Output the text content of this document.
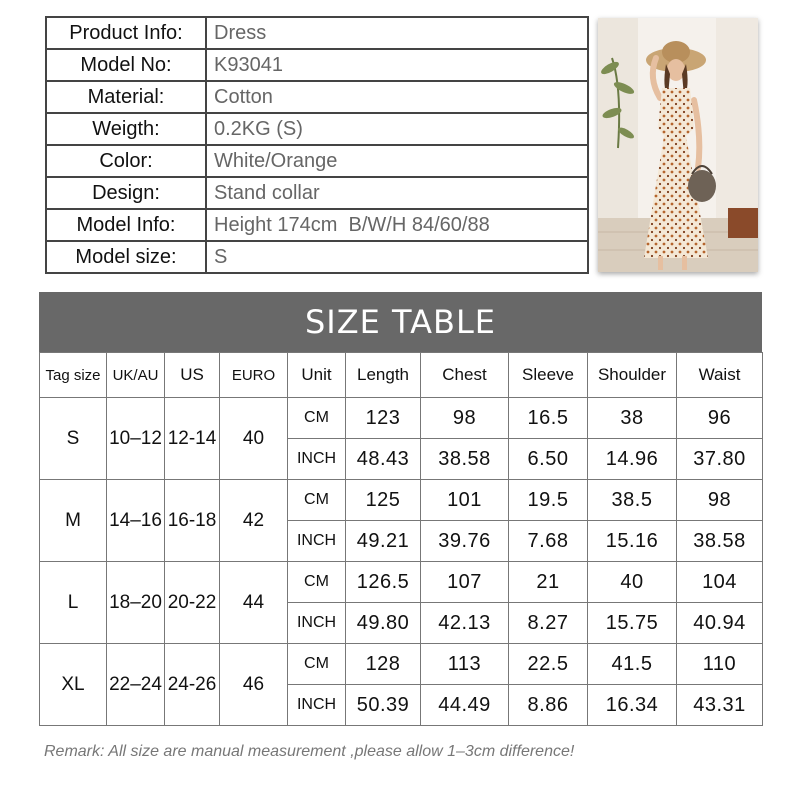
Product Info:	Dress
Model No:	K93041
Material:	Cotton
Weigth:	0.2KG (S)
Color:	White/Orange
Design:	Stand collar
Model Info:	Height 174cm  B/W/H 84/60/88
Model size:	S
SIZE TABLE
Tag size	UK/AU	US	EURO	Unit	Length	Chest	Sleeve	Shoulder	Waist
S	10–12	12-14	40	CM	123	98	16.5	38	96
				INCH	48.43	38.58	6.50	14.96	37.80
M	14–16	16-18	42	CM	125	101	19.5	38.5	98
				INCH	49.21	39.76	7.68	15.16	38.58
L	18–20	20-22	44	CM	126.5	107	21	40	104
				INCH	49.80	42.13	8.27	15.75	40.94
XL	22–24	24-26	46	CM	128	113	22.5	41.5	110
				INCH	50.39	44.49	8.86	16.34	43.31
Remark: All size are manual measurement ,please allow 1–3cm difference!
